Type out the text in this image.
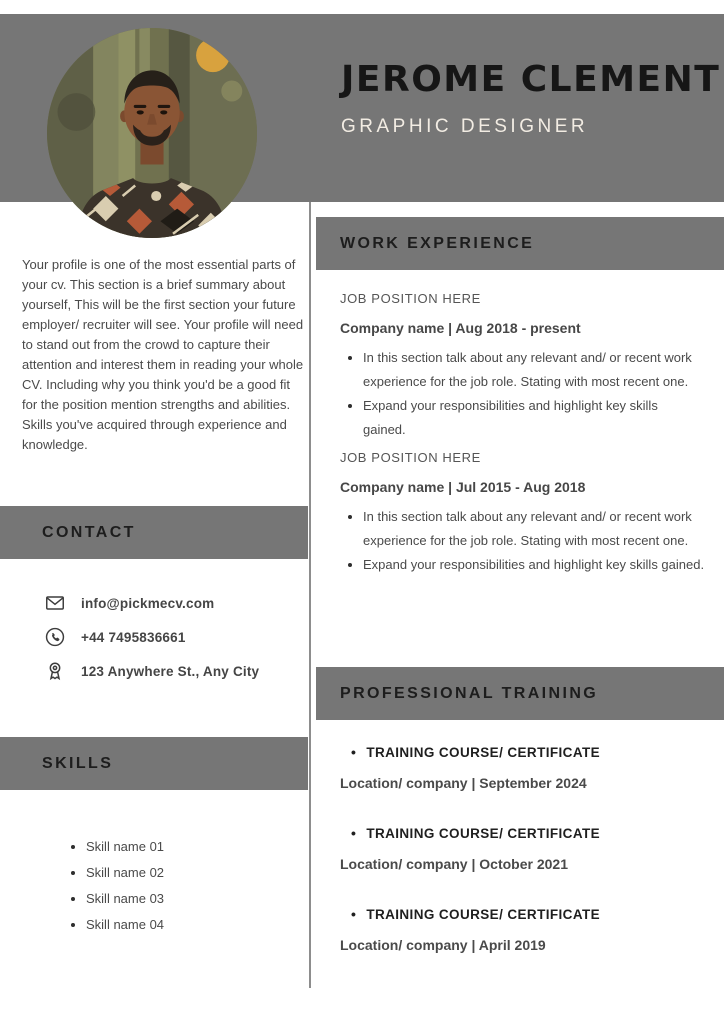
JEROME CLEMENT
GRAPHIC DESIGNER

Your profile is one of the most essential parts of your cv. This section is a brief summary about yourself, This will be the first section your future employer/ recruiter will see. Your profile will need to stand out from the crowd to capture their attention and interest them in reading your whole CV. Including why you think you'd be a good fit for the position mention strengths and abilities. Skills you've acquired through experience and knowledge.

CONTACT
info@pickmecv.com
+44 7495836661
123 Anywhere St., Any City
SKILLS
• Skill name 01
• Skill name 02
• Skill name 03
• Skill name 04
WORK EXPERIENCE
JOB POSITION HERE
Company name | Aug 2018 - present
• In this section talk about any relevant and/ or recent work experience for the job role. Stating with most recent one.
• Expand your responsibilities and highlight key skills gained.
JOB POSITION HERE
Company name | Jul 2015 - Aug 2018
• In this section talk about any relevant and/ or recent work experience for the job role. Stating with most recent one.
• Expand your responsibilities and highlight key skills gained.
PROFESSIONAL TRAINING
• TRAINING COURSE/ CERTIFICATE
Location/ company | September 2024
• TRAINING COURSE/ CERTIFICATE
Location/ company | October 2021
• TRAINING COURSE/ CERTIFICATE
Location/ company | April 2019
